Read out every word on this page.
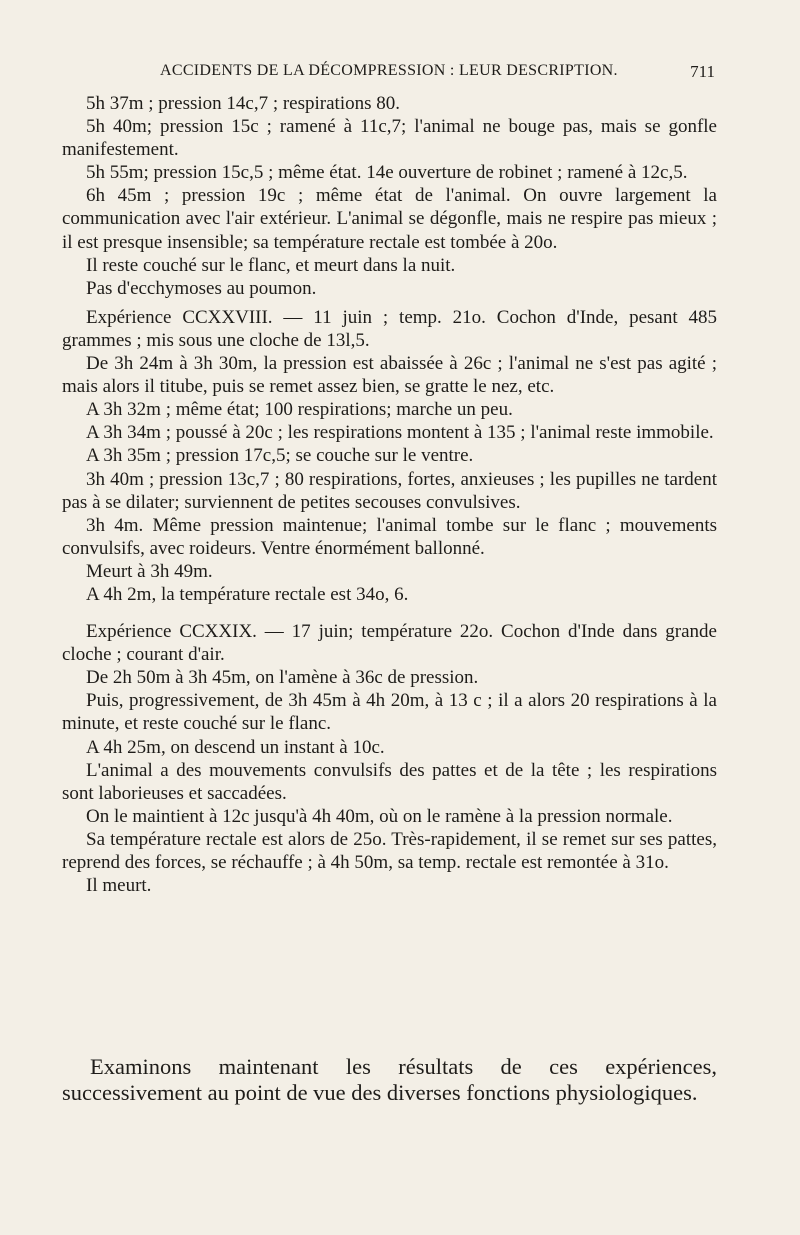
ACCIDENTS DE LA DÉCOMPRESSION : LEUR DESCRIPTION.	711

5h 37m ; pression 14c,7 ; respirations 80.

5h 40m; pression 15c ; ramené à 11c,7; l'animal ne bouge pas, mais se gonfle manifestement.

5h 55m; pression 15c,5 ; même état. 14e ouverture de robinet ; ramené à 12c,5.

6h 45m ; pression 19c ; même état de l'animal. On ouvre largement la communication avec l'air extérieur. L'animal se dégonfle, mais ne respire pas mieux ; il est presque insensible; sa température rectale est tombée à 20o.

Il reste couché sur le flanc, et meurt dans la nuit.

Pas d'ecchymoses au poumon.

Expérience CCXXVIII. — 11 juin ; temp. 21o. Cochon d'Inde, pesant 485 grammes ; mis sous une cloche de 13l,5.

De 3h 24m à 3h 30m, la pression est abaissée à 26c ; l'animal ne s'est pas agité ; mais alors il titube, puis se remet assez bien, se gratte le nez, etc.

A 3h 32m ; même état; 100 respirations; marche un peu.

A 3h 34m ; poussé à 20c ; les respirations montent à 135 ; l'animal reste immobile.

A 3h 35m ; pression 17c,5; se couche sur le ventre.

3h 40m ; pression 13c,7 ; 80 respirations, fortes, anxieuses ; les pupilles ne tardent pas à se dilater; surviennent de petites secouses convulsives.

3h 4m. Même pression maintenue; l'animal tombe sur le flanc ; mouvements convulsifs, avec roideurs. Ventre énormément ballonné.

Meurt à 3h 49m.

A 4h 2m, la température rectale est 34o, 6.

Expérience CCXXIX. — 17 juin; température 22o. Cochon d'Inde dans grande cloche ; courant d'air.

De 2h 50m à 3h 45m, on l'amène à 36c de pression.

Puis, progressivement, de 3h 45m à 4h 20m, à 13 c ; il a alors 20 respirations à la minute, et reste couché sur le flanc.

A 4h 25m, on descend un instant à 10c.

L'animal a des mouvements convulsifs des pattes et de la tête ; les respirations sont laborieuses et saccadées.

On le maintient à 12c jusqu'à 4h 40m, où on le ramène à la pression normale.

Sa température rectale est alors de 25o. Très-rapidement, il se remet sur ses pattes, reprend des forces, se réchauffe ; à 4h 50m, sa temp. rectale est remontée à 31o.

Il meurt.

Examinons maintenant les résultats de ces expériences, successivement au point de vue des diverses fonctions physiologiques.
